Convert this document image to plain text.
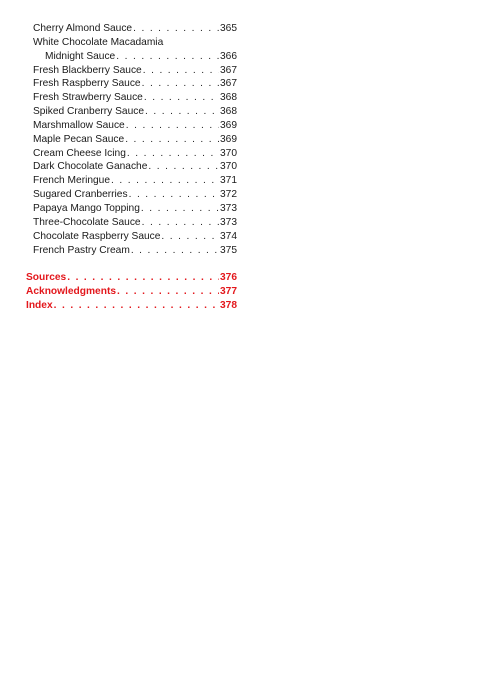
Cherry Almond Sauce . . .	365
White Chocolate Macadamia
Midnight Sauce . . .	366
Fresh Blackberry Sauce . . .	367
Fresh Raspberry Sauce . . .	367
Fresh Strawberry Sauce . . .	368
Spiked Cranberry Sauce . . .	368
Marshmallow Sauce . . .	369
Maple Pecan Sauce . . .	369
Cream Cheese Icing . . .	370
Dark Chocolate Ganache . . .	370
French Meringue . . .	371
Sugared Cranberries . . .	372
Papaya Mango Topping . . .	373
Three-Chocolate Sauce . . .	373
Chocolate Raspberry Sauce . . .	374
French Pastry Cream . . .	375
Sources . . .	376
Acknowledgments . . .	377
Index . . .	378
